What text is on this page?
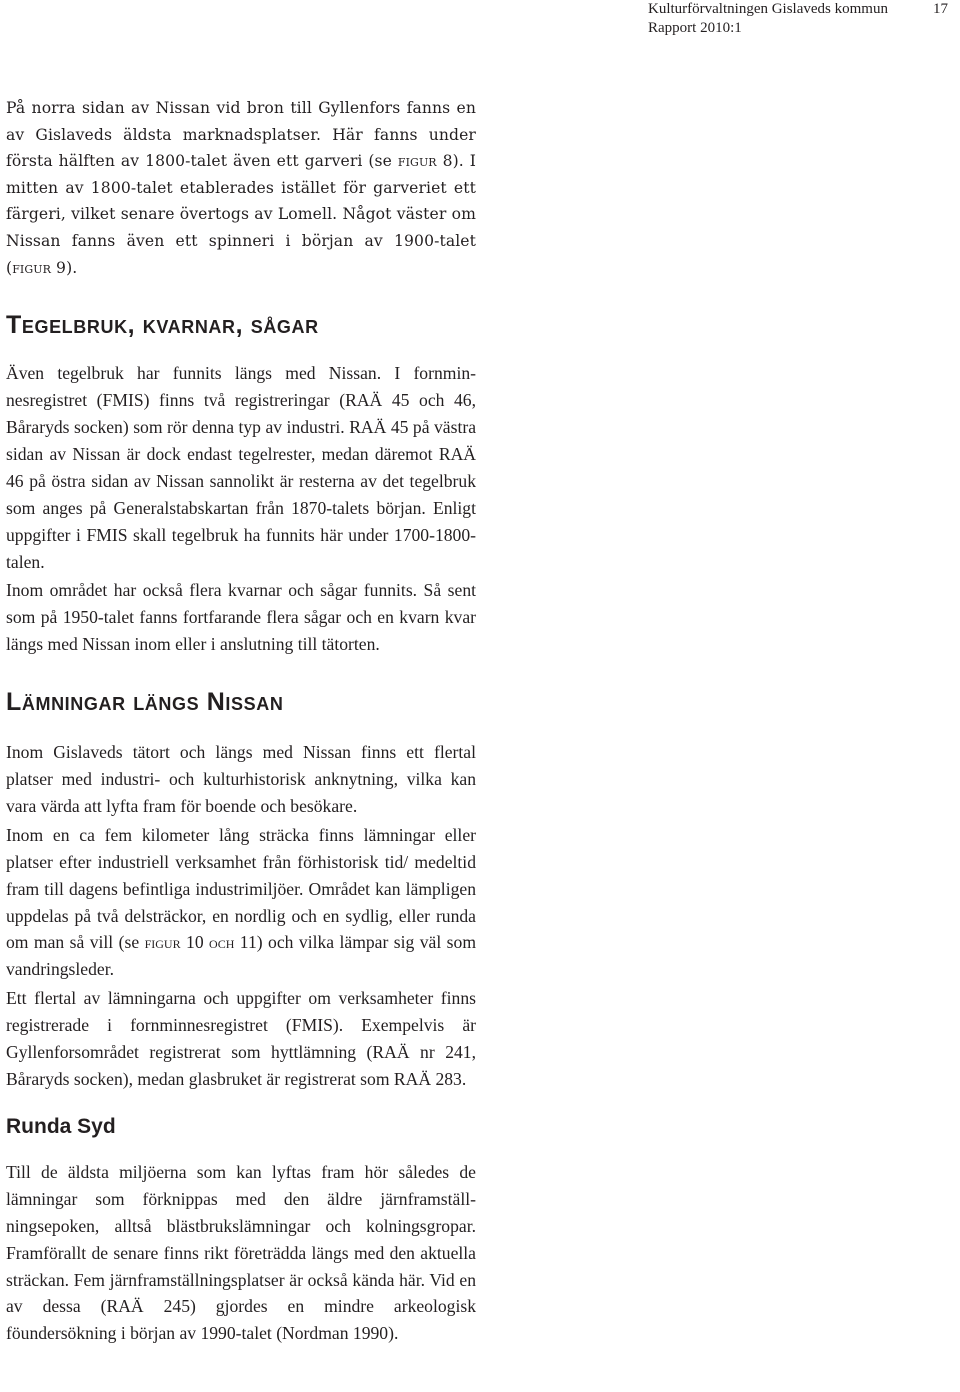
Kulturförvaltningen Gislaveds kommun
Rapport 2010:1
17

På norra sidan av Nissan vid bron till Gyllenfors fanns en av Gislaveds äldsta marknadsplatser. Här fanns under första hälften av 1800-talet även ett garveri (se figur 8). I mitten av 1800-talet etablerades istället för garveriet ett färgeri, vilket senare övertogs av Lomell. Något väster om Nissan fanns även ett spinneri i början av 1900-talet (figur 9).

Tegelbruk, kvarnar, sågar

Även tegelbruk har funnits längs med Nissan. I fornminnesregistret (FMIS) finns två registreringar (RAÄ 45 och 46, Båraryds socken) som rör denna typ av industri. RAÄ 45 på västra sidan av Nissan är dock endast tegelrester, medan däremot RAÄ 46 på östra sidan av Nissan sannolikt är resterna av det tegelbruk som anges på Generalstabskartan från 1870-talets början. Enligt uppgifter i FMIS skall tegelbruk ha funnits här under 1700-1800-talen.

Inom området har också flera kvarnar och sågar funnits. Så sent som på 1950-talet fanns fortfarande flera sågar och en kvarn kvar längs med Nissan inom eller i anslutning till tätorten.

Lämningar längs Nissan

Inom Gislaveds tätort och längs med Nissan finns ett flertal platser med industri- och kulturhistorisk anknytning, vilka kan vara värda att lyfta fram för boende och besökare.

Inom en ca fem kilometer lång sträcka finns lämningar eller platser efter industriell verksamhet från förhistorisk tid/ medeltid fram till dagens befintliga industrimiljöer. Området kan lämpligen uppdelas på två delsträckor, en nordlig och en sydlig, eller runda om man så vill (se figur 10 och 11) och vilka lämpar sig väl som vandringsleder.

Ett flertal av lämningarna och uppgifter om verksamheter finns registrerade i fornminnesregistret (FMIS). Exempelvis är Gyllenforsområdet registrerat som hyttlämning (RAÄ nr 241, Båraryds socken), medan glasbruket är registrerat som RAÄ 283.

Runda Syd

Till de äldsta miljöerna som kan lyftas fram hör således de lämningar som förknippas med den äldre järnframställningsepoken, alltså blästbrukslämningar och kolningsgropar. Framförallt de senare finns rikt företrädda längs med den aktuella sträckan. Fem järnframställningsplatser är också kända här. Vid en av dessa (RAÄ 245) gjordes en mindre arkeologisk föundersökning i början av 1990-talet (Nordman 1990).
